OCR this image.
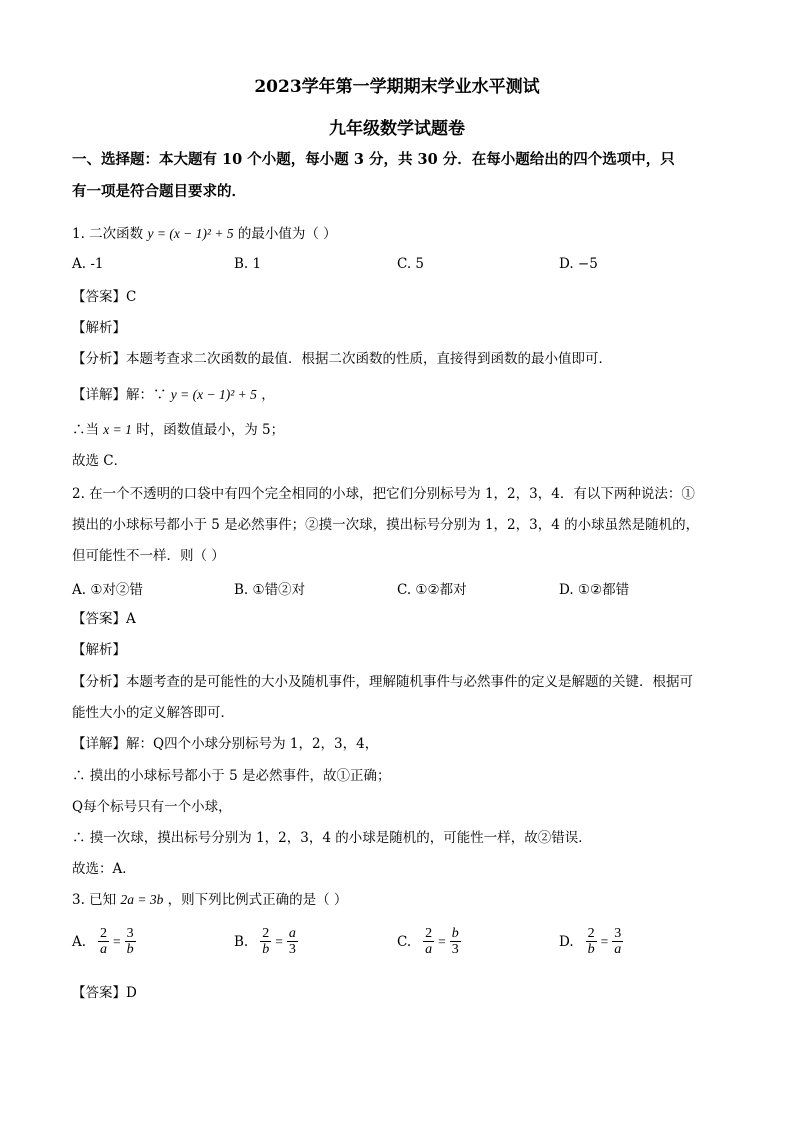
2023学年第一学期期末学业水平测试
九年级数学试题卷
一、选择题：本大题有 10 个小题，每小题 3 分，共 30 分．在每小题给出的四个选项中，只
有一项是符合题目要求的．
1. 二次函数 y = (x − 1)² + 5 的最小值为（ ）
A. -1	B. 1	C. 5	D. −5
【答案】C
【解析】
【分析】本题考查求二次函数的最值．根据二次函数的性质，直接得到函数的最小值即可．
【详解】解：∵ y = (x − 1)² + 5 ，
∴当 x = 1 时，函数值最小，为 5；
故选 C．
2. 在一个不透明的口袋中有四个完全相同的小球，把它们分别标号为 1，2，3，4．有以下两种说法：①
摸出的小球标号都小于 5 是必然事件；②摸一次球，摸出标号分别为 1，2，3，4 的小球虽然是随机的，
但可能性不一样．则（ ）
A. ①对②错	B. ①错②对	C. ①②都对	D. ①②都错
【答案】A
【解析】
【分析】本题考查的是可能性的大小及随机事件，理解随机事件与必然事件的定义是解题的关键．根据可
能性大小的定义解答即可．
【详解】解：Q四个小球分别标号为 1，2，3，4，
∴ 摸出的小球标号都小于 5 是必然事件，故①正确；
Q每个标号只有一个小球，
∴ 摸一次球，摸出标号分别为 1，2，3，4 的小球是随机的，可能性一样，故②错误．
故选：A．
3. 已知 2a = 3b ，则下列比例式正确的是（ ）
A. $\frac{2}{a} = \frac{3}{b}$	B. $\frac{2}{b} = \frac{a}{3}$	C. $\frac{2}{a} = \frac{b}{3}$	D. $\frac{2}{b} = \frac{3}{a}$
【答案】D
